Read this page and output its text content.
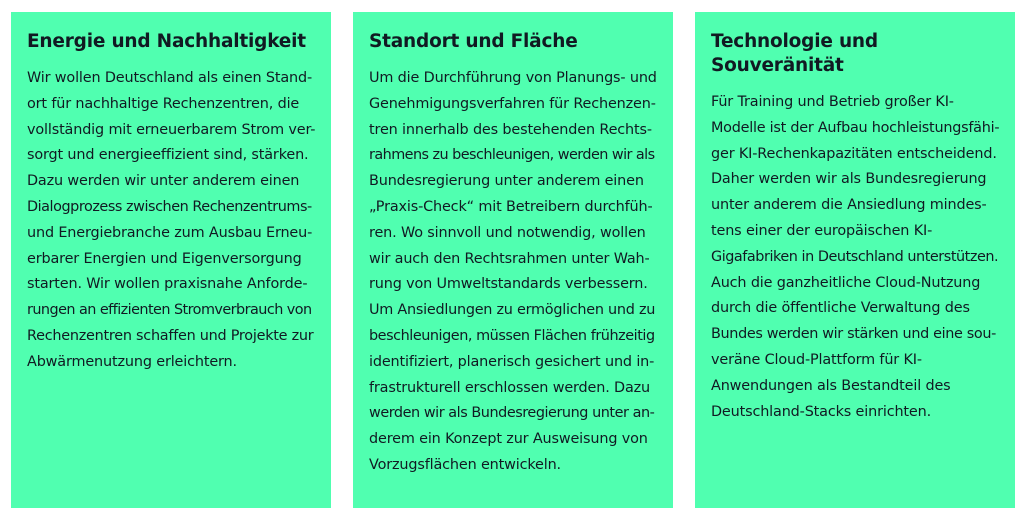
Energie und Nachhaltigkeit
Wir wollen Deutschland als einen Stand-
ort für nachhaltige Rechenzentren, die
vollständig mit erneuerbarem Strom ver-
sorgt und energieeffizient sind, stärken.
Dazu werden wir unter anderem einen
Dialogprozess zwischen Rechenzentrums-
und Energiebranche zum Ausbau Erneu-
erbarer Energien und Eigenversorgung
starten. Wir wollen praxisnahe Anforde-
rungen an effizienten Stromverbrauch von
Rechenzentren schaffen und Projekte zur
Abwärmenutzung erleichtern.
Standort und Fläche
Um die Durchführung von Planungs- und
Genehmigungsverfahren für Rechenzen-
tren innerhalb des bestehenden Rechts-
rahmens zu beschleunigen, werden wir als
Bundesregierung unter anderem einen
„Praxis-Check“ mit Betreibern durchfüh-
ren. Wo sinnvoll und notwendig, wollen
wir auch den Rechtsrahmen unter Wah-
rung von Umweltstandards verbessern.
Um Ansiedlungen zu ermöglichen und zu
beschleunigen, müssen Flächen frühzeitig
identifiziert, planerisch gesichert und in-
frastrukturell erschlossen werden. Dazu
werden wir als Bundesregierung unter an-
derem ein Konzept zur Ausweisung von
Vorzugsflächen entwickeln.
Technologie und Souveränität
Für Training und Betrieb großer KI-
Modelle ist der Aufbau hochleistungsfähi-
ger KI-Rechenkapazitäten entscheidend.
Daher werden wir als Bundesregierung
unter anderem die Ansiedlung mindes-
tens einer der europäischen KI-
Gigafabriken in Deutschland unterstützen.
Auch die ganzheitliche Cloud-Nutzung
durch die öffentliche Verwaltung des
Bundes werden wir stärken und eine sou-
veräne Cloud-Plattform für KI-
Anwendungen als Bestandteil des
Deutschland-Stacks einrichten.
